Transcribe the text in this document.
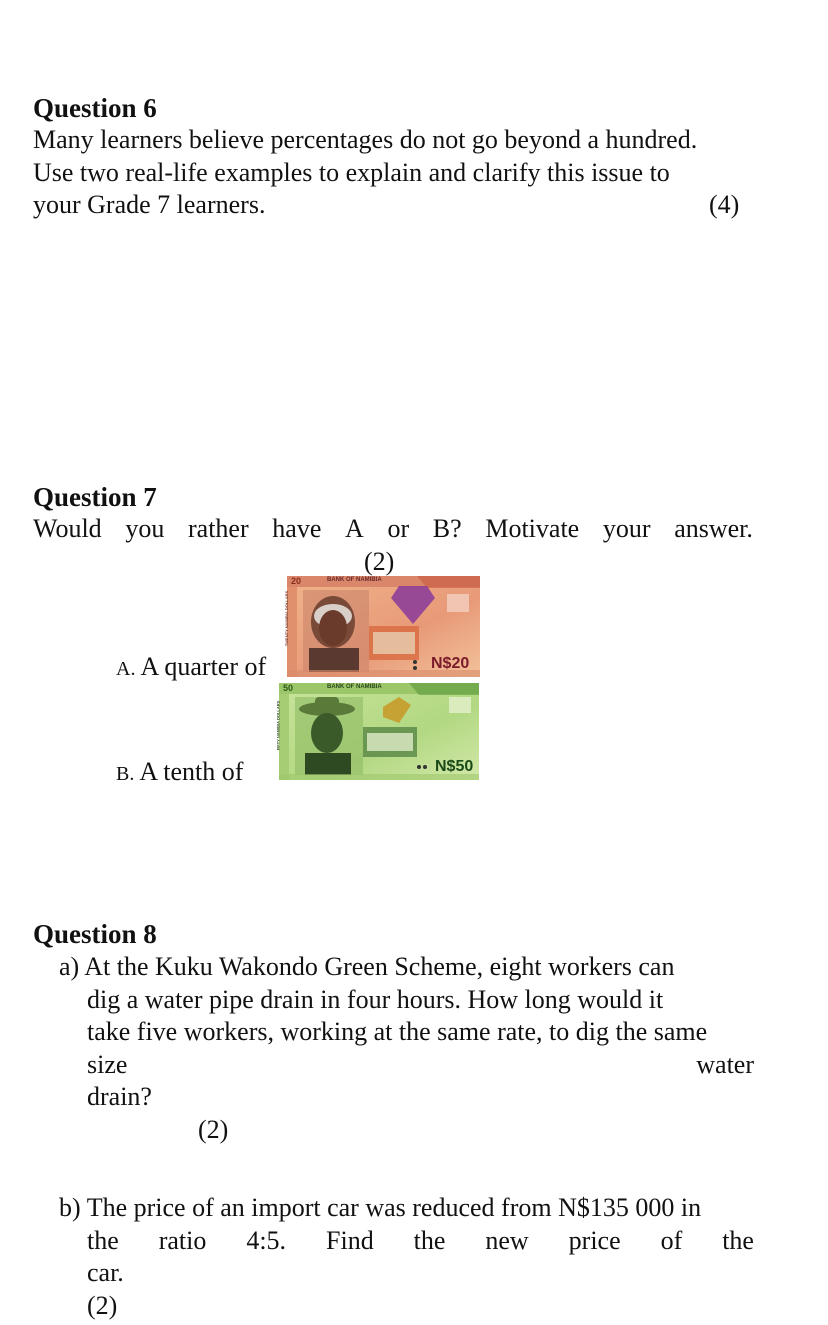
Question 6
Many learners believe percentages do not go beyond a hundred.
Use two real-life examples to explain and clarify this issue to
your Grade 7 learners.	(4)
Question 7
Would you rather have A or B? Motivate your answer.
(2)
A. A quarter of
B. A tenth of
20	BANK OF NAMIBIA
N$20
TWENTY NAMIBIA DOLLARS
50	BANK OF NAMIBIA
N$50
FIFTY NAMIBIA DOLLARS
Question 8
a) At the Kuku Wakondo Green Scheme, eight workers can
dig a water pipe drain in four hours. How long would it
take five workers, working at the same rate, to dig the same
size	water
drain?
(2)
b) The price of an import car was reduced from N$135 000 in
the ratio 4:5. Find the new price of the
car.
(2)
